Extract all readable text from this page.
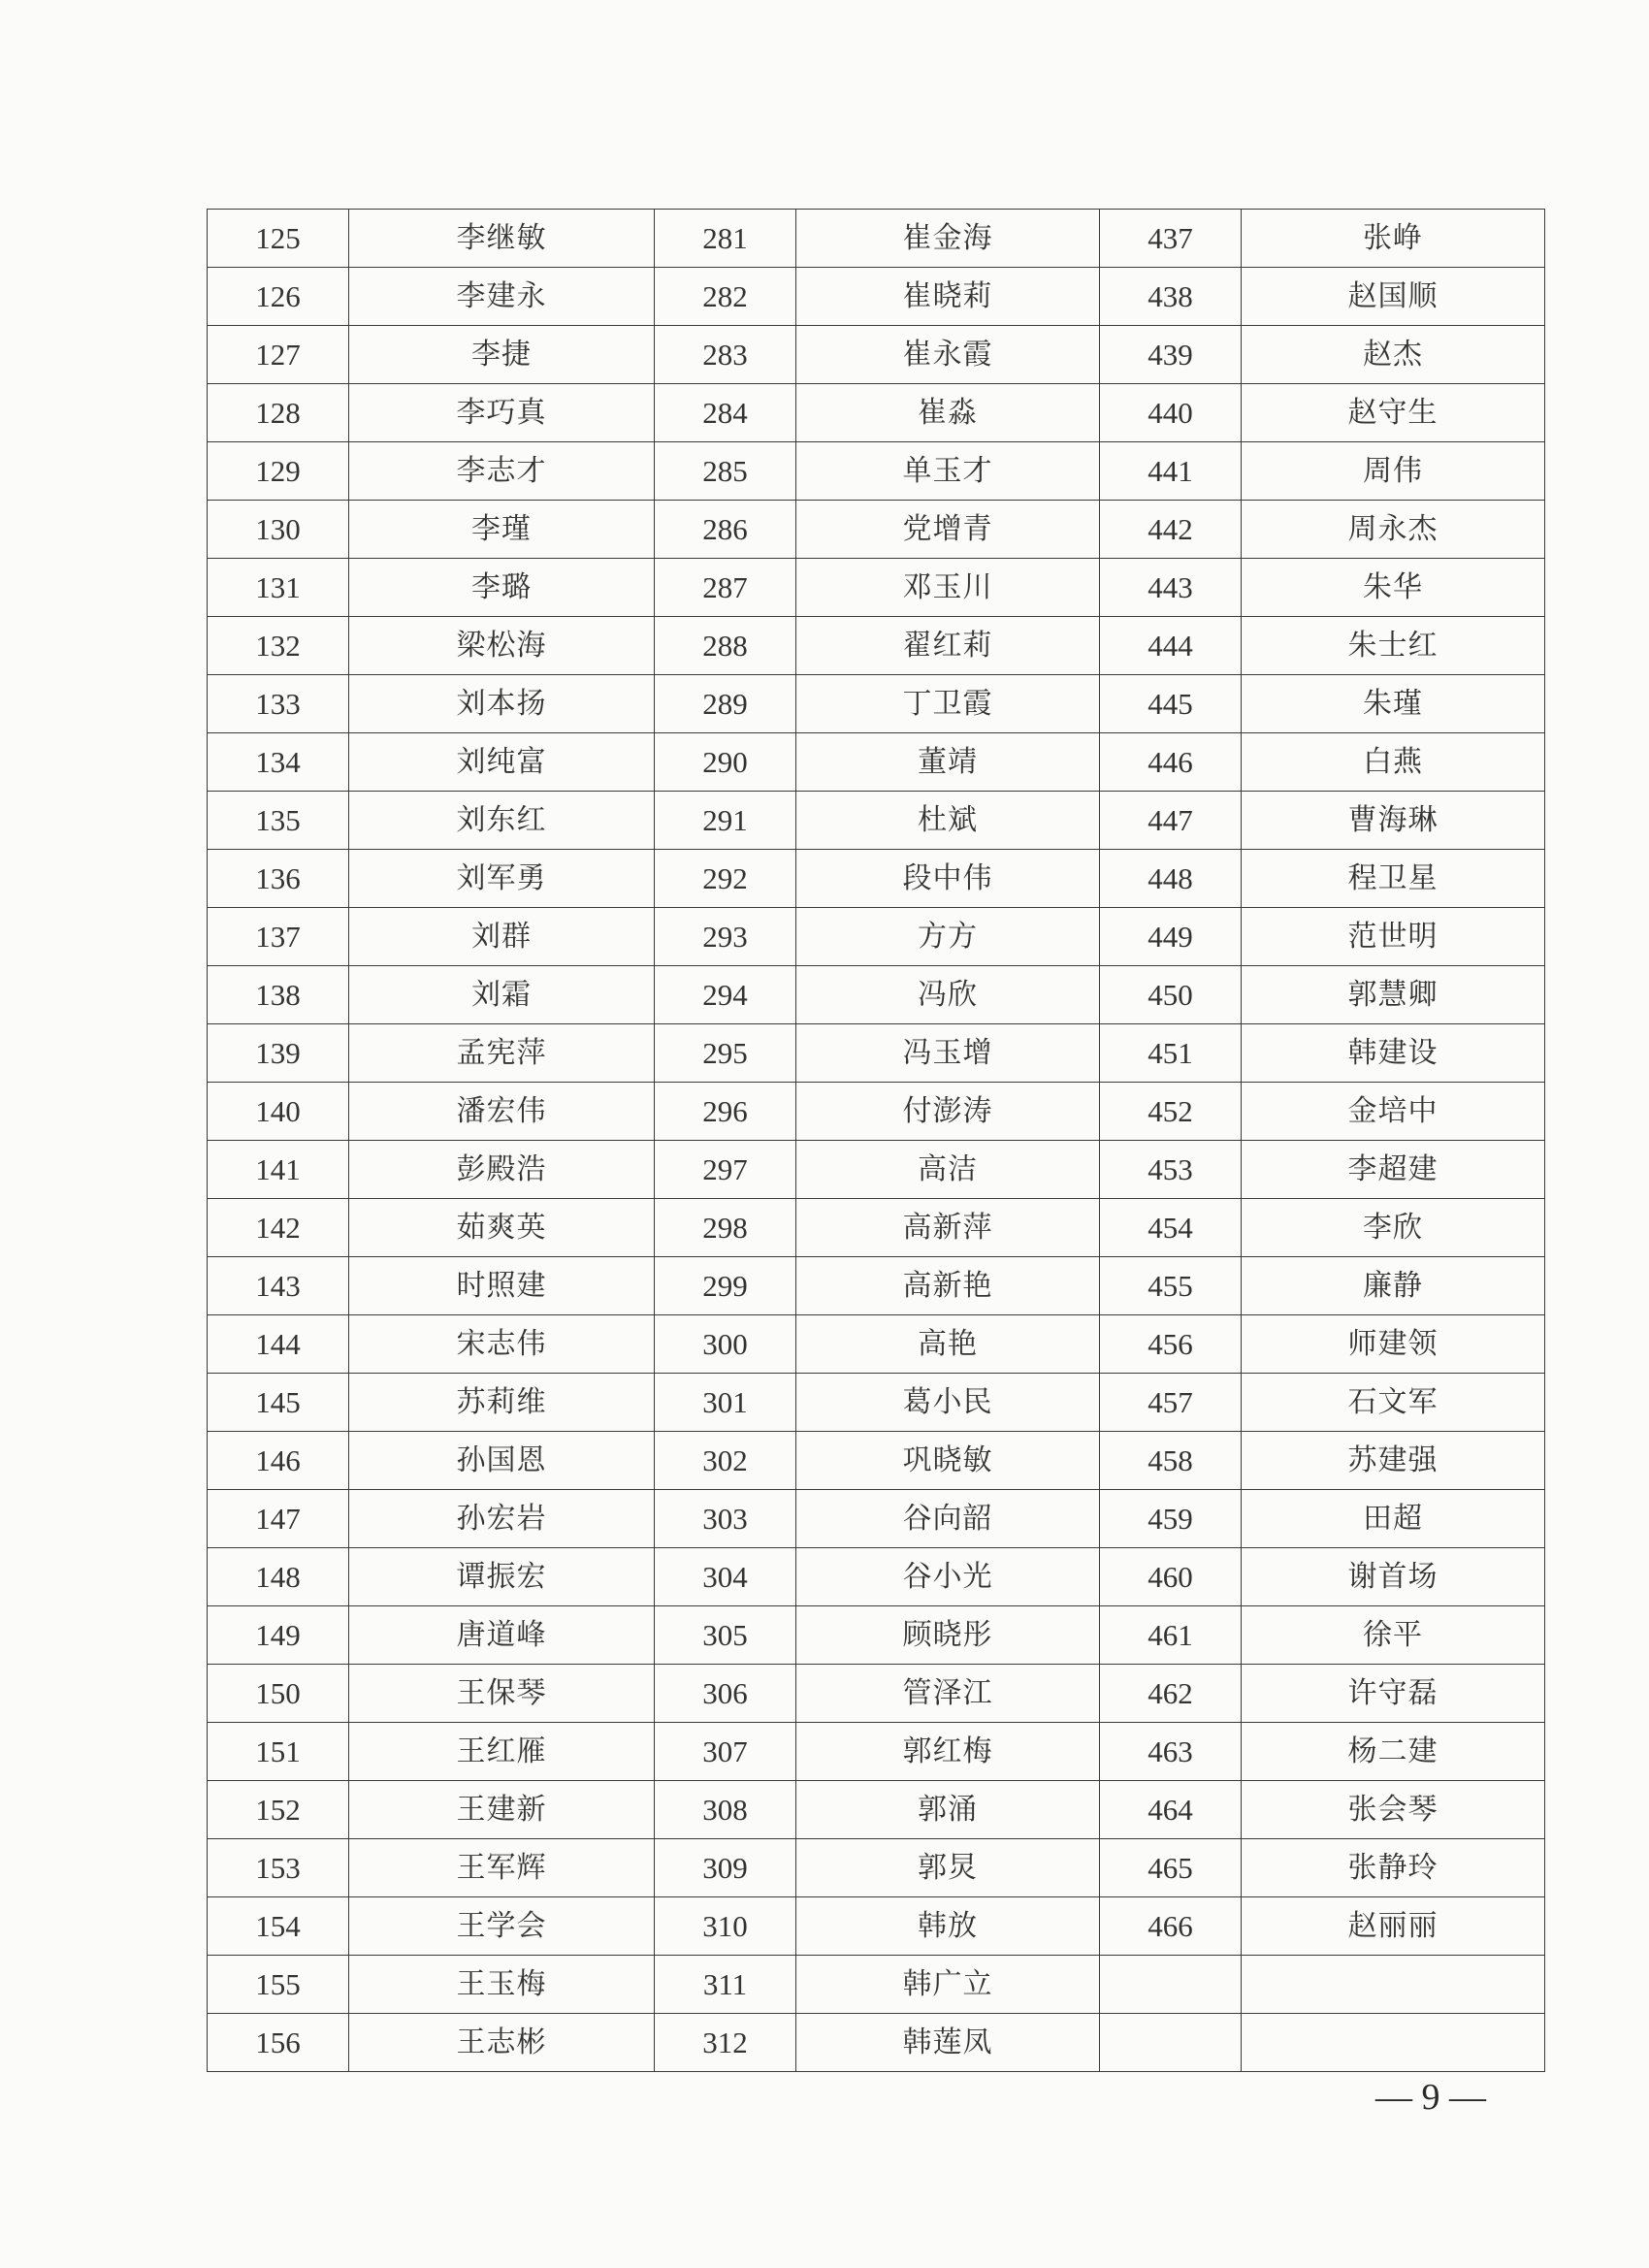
125	李继敏	281	崔金海	437	张峥
126	李建永	282	崔晓莉	438	赵国顺
127	李捷	283	崔永霞	439	赵杰
128	李巧真	284	崔淼	440	赵守生
129	李志才	285	单玉才	441	周伟
130	李瑾	286	党增青	442	周永杰
131	李璐	287	邓玉川	443	朱华
132	梁松海	288	翟红莉	444	朱士红
133	刘本扬	289	丁卫霞	445	朱瑾
134	刘纯富	290	董靖	446	白燕
135	刘东红	291	杜斌	447	曹海琳
136	刘军勇	292	段中伟	448	程卫星
137	刘群	293	方方	449	范世明
138	刘霜	294	冯欣	450	郭慧卿
139	孟宪萍	295	冯玉增	451	韩建设
140	潘宏伟	296	付澎涛	452	金培中
141	彭殿浩	297	高洁	453	李超建
142	茹爽英	298	高新萍	454	李欣
143	时照建	299	高新艳	455	廉静
144	宋志伟	300	高艳	456	师建领
145	苏莉维	301	葛小民	457	石文军
146	孙国恩	302	巩晓敏	458	苏建强
147	孙宏岩	303	谷向韶	459	田超
148	谭振宏	304	谷小光	460	谢首场
149	唐道峰	305	顾晓彤	461	徐平
150	王保琴	306	管泽江	462	许守磊
151	王红雁	307	郭红梅	463	杨二建
152	王建新	308	郭涌	464	张会琴
153	王军辉	309	郭炅	465	张静玲
154	王学会	310	韩放	466	赵丽丽
155	王玉梅	311	韩广立		
156	王志彬	312	韩莲凤		
— 9 —
